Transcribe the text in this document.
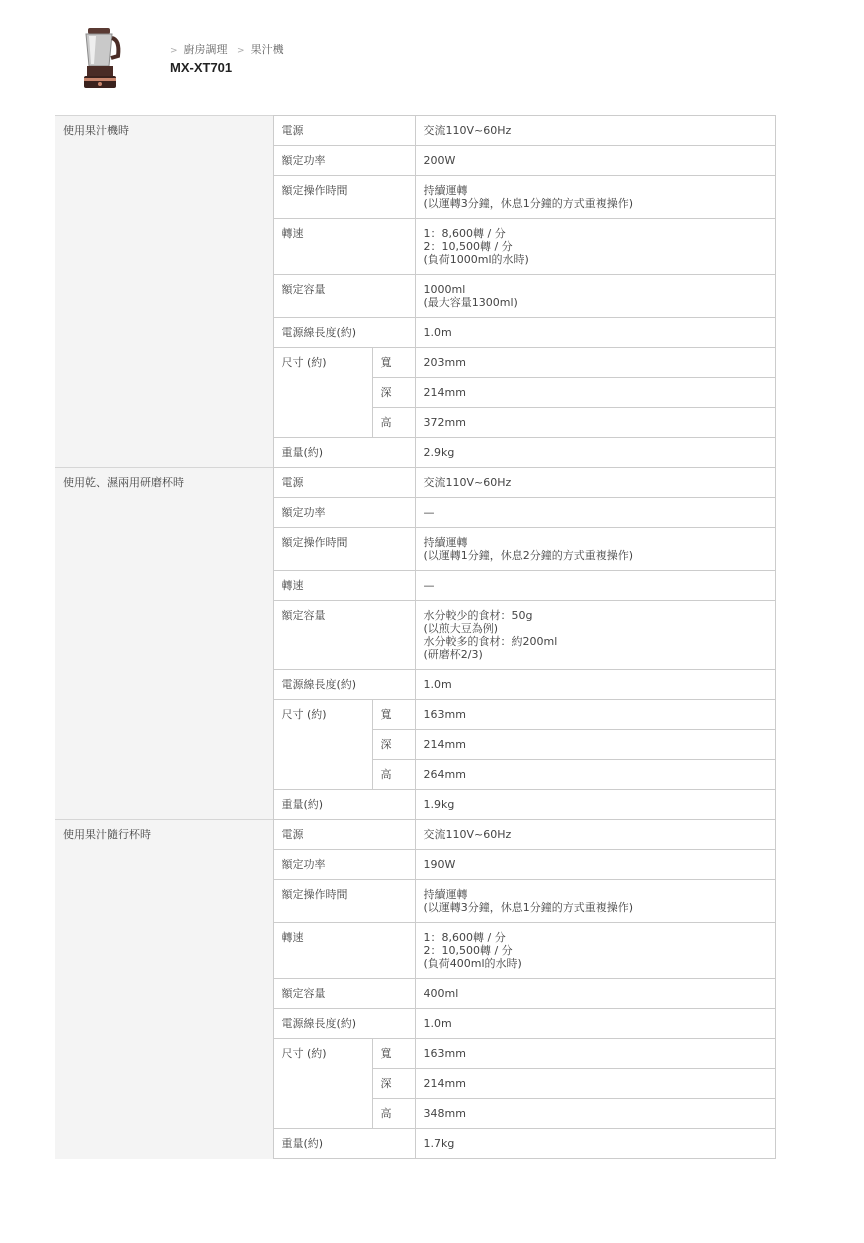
> 廚房調理 > 果汁機
MX-XT701
使用果汁機時	電源		交流110V~60Hz

	額定功率		200W

	額定操作時間		持續運轉
(以運轉3分鐘，休息1分鐘的方式重複操作)

	轉速		1：8,600轉 / 分
2：10,500轉 / 分
(負荷1000ml的水時)

	額定容量		1000ml
(最大容量1300ml)

	電源線長度(約)		1.0m

	尺寸 (約)	寬	203mm
		深	214mm
		高	372mm
	重量(約)		2.9kg
使用乾、濕兩用研磨杯時	電源		交流110V~60Hz

	額定功率		—

	額定操作時間		持續運轉
(以運轉1分鐘，休息2分鐘的方式重複操作)

	轉速		—

	額定容量		水分較少的食材：50g
(以煎大豆為例)
水分較多的食材：約200ml
(研磨杯2/3)

	電源線長度(約)		1.0m

	尺寸 (約)	寬	163mm
		深	214mm
		高	264mm
	重量(約)		1.9kg
使用果汁隨行杯時	電源		交流110V~60Hz

	額定功率		190W

	額定操作時間		持續運轉
(以運轉3分鐘，休息1分鐘的方式重複操作)

	轉速		1：8,600轉 / 分
2：10,500轉 / 分
(負荷400ml的水時)

	額定容量		400ml

	電源線長度(約)		1.0m

	尺寸 (約)	寬	163mm
		深	214mm
		高	348mm
	重量(約)		1.7kg
